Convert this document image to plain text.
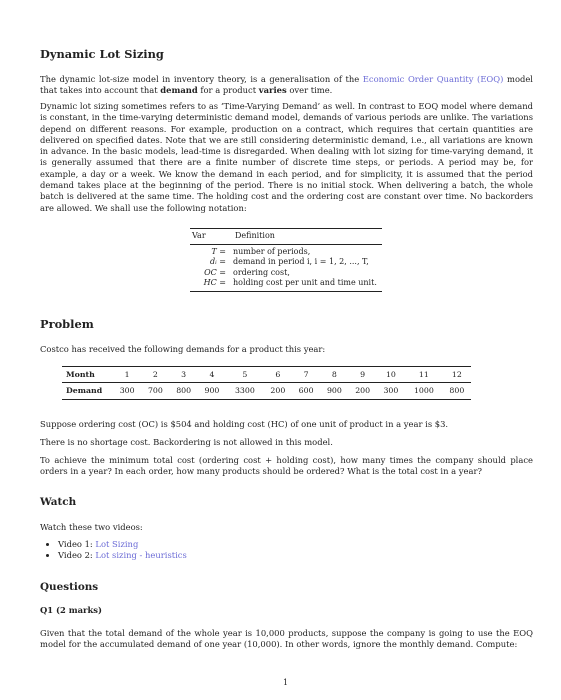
Dynamic Lot Sizing

The dynamic lot-size model in inventory theory, is a generalisation of the Economic Order Quantity (EOQ) model that takes into account that demand for a product varies over time.

Dynamic lot sizing sometimes refers to as ‘Time-Varying Demand’ as well. In contrast to EOQ model where demand is constant, in the time-varying deterministic demand model, demands of various periods are unlike. The variations depend on different reasons. For example, production on a contract, which requires that certain quantities are delivered on specified dates. Note that we are still considering deterministic demand, i.e., all variations are known in advance. In the basic models, lead-time is disregarded. When dealing with lot sizing for time-varying demand, it is generally assumed that there are a finite number of discrete time steps, or periods. A period may be, for example, a day or a week. We know the demand in each period, and for simplicity, it is assumed that the period demand takes place at the beginning of the period. There is no initial stock. When delivering a batch, the whole batch is delivered at the same time. The holding cost and the ordering cost are constant over time. No backorders are allowed. We shall use the following notation:

Var	Definition
T = number of periods,
dᵢ = demand in period i, i = 1, 2, ..., T,
OC = ordering cost,
HC = holding cost per unit and time unit.
Problem

Costco has received the following demands for a product this year:

Suppose ordering cost (OC) is $504 and holding cost (HC) of one unit of product in a year is $3.

There is no shortage cost. Backordering is not allowed in this model.

To achieve the minimum total cost (ordering cost + holding cost), how many times the company should place orders in a year? In each order, how many products should be ordered? What is the total cost in a year?

Watch

Watch these two videos:

• Video 1: Lot Sizing
• Video 2: Lot sizing - heuristics
Questions

Q1 (2 marks)

Given that the total demand of the whole year is 10,000 products, suppose the company is going to use the EOQ model for the accumulated demand of one year (10,000). In other words, ignore the monthly demand. Compute:

Month	1	2	3	4	5	6	7	8	9	10	11	12
Demand	300	700	800	900	3300	200	600	900	200	300	1000	800
1
